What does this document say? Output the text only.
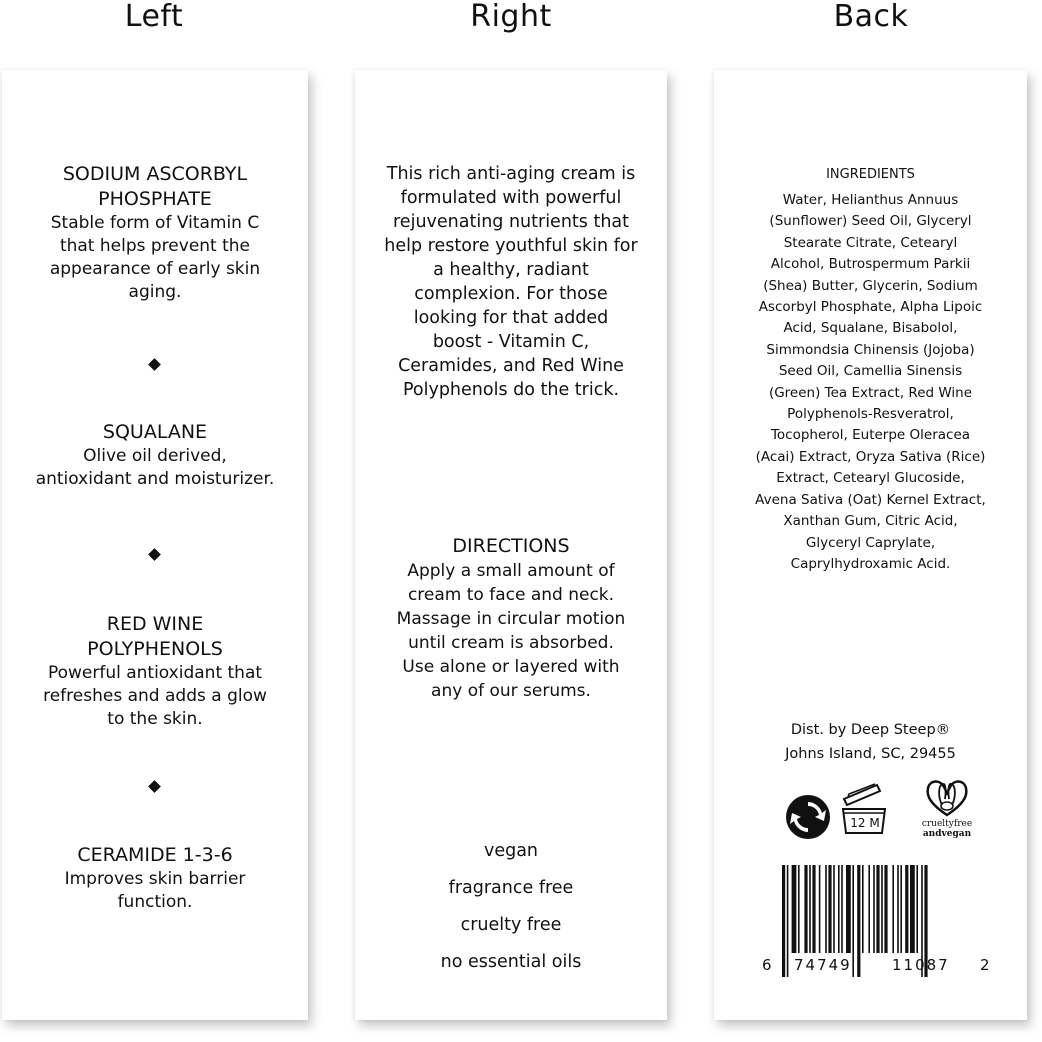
Left	Right	Back
SODIUM ASCORBYL
PHOSPHATE
Stable form of Vitamin C
that helps prevent the
appearance of early skin
aging.
SQUALANE
Olive oil derived,
antioxidant and moisturizer.
RED WINE
POLYPHENOLS
Powerful antioxidant that
refreshes and adds a glow
to the skin.
CERAMIDE 1-3-6
Improves skin barrier
function.
This rich anti-aging cream is
formulated with powerful
rejuvenating nutrients that
help restore youthful skin for
a healthy, radiant
complexion. For those
looking for that added
boost - Vitamin C,
Ceramides, and Red Wine
Polyphenols do the trick.
DIRECTIONS
Apply a small amount of
cream to face and neck.
Massage in circular motion
until cream is absorbed.
Use alone or layered with
any of our serums.
vegan
fragrance free
cruelty free
no essential oils
INGREDIENTS
Water, Helianthus Annuus
(Sunflower) Seed Oil, Glyceryl
Stearate Citrate, Cetearyl
Alcohol, Butrospermum Parkii
(Shea) Butter, Glycerin, Sodium
Ascorbyl Phosphate, Alpha Lipoic
Acid, Squalane, Bisabolol,
Simmondsia Chinensis (Jojoba)
Seed Oil, Camellia Sinensis
(Green) Tea Extract, Red Wine
Polyphenols-Resveratrol,
Tocopherol, Euterpe Oleracea
(Acai) Extract, Oryza Sativa (Rice)
Extract, Cetearyl Glucoside,
Avena Sativa (Oat) Kernel Extract,
Xanthan Gum, Citric Acid,
Glyceryl Caprylate,
Caprylhydroxamic Acid.
Dist. by Deep Steep®
Johns Island, SC, 29455
12 M	crueltyfree
andvegan
6 74749	11087 2
